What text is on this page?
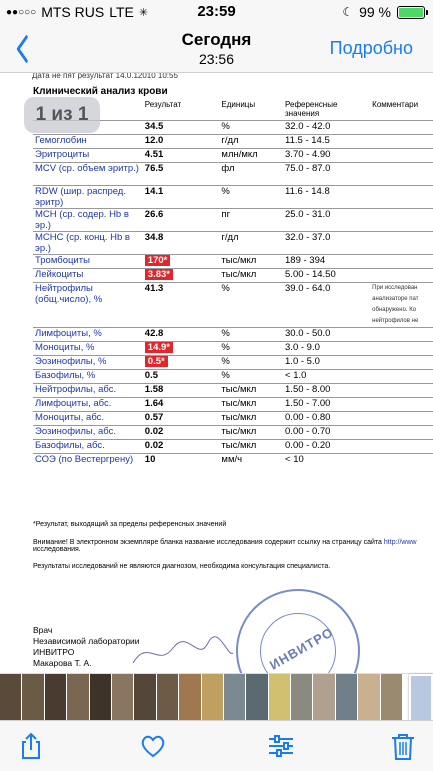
●●○○○ MTS RUS LTE ✳	23:59	☾ 99 %
Сегодня
23:56
Подробно
Дата не пят результат 14.0.12010 10:55
1 из 1
Клинический анализ крови
	Результат	Единицы	Референсные значения	Комментари
	34.5	%	32.0 - 42.0	
Гемоглобин	12.0	г/дл	11.5 - 14.5	
Эритроциты	4.51	млн/мкл	3.70 - 4.90	
MCV (ср. объем эритр.)	76.5	фл	75.0 - 87.0	
RDW (шир. распред. эритр)	14.1	%	11.6 - 14.8	
MCH (ср. содер. Hb в эр.)	26.6	пг	25.0 - 31.0	
MCHC (ср. конц. Hb в эр.)	34.8	г/дл	32.0 - 37.0	
Тромбоциты	170*	тыс/мкл	189 - 394	
Лейкоциты	3.83*	тыс/мкл	5.00 - 14.50	
Нейтрофилы (общ.число), %	41.3	%	39.0 - 64.0	При исследован анализаторе пат обнаружено. Ко нейтрофилов не
Лимфоциты, %	42.8	%	30.0 - 50.0	
Моноциты, %	14.9*	%	3.0 - 9.0	
Эозинофилы, %	0.5*	%	1.0 - 5.0	
Базофилы, %	0.5	%	< 1.0	
Нейтрофилы, абс.	1.58	тыс/мкл	1.50 - 8.00	
Лимфоциты, абс.	1.64	тыс/мкл	1.50 - 7.00	
Моноциты, абс.	0.57	тыс/мкл	0.00 - 0.80	
Эозинофилы, абс.	0.02	тыс/мкл	0.00 - 0.70	
Базофилы, абс.	0.02	тыс/мкл	0.00 - 0.20	
СОЭ (по Вестергрену)	10	мм/ч	< 10	
*Результат, выходящий за пределы референсных значений
Внимание! В электронном экземпляре бланка название исследования содержит ссылку на страницу сайта http://www
исследования.
Результаты исследований не являются диагнозом, необходима консультация специалиста.
Врач
Независимой лаборатории
ИНВИТРО
Макарова Т. А.	ИНВИТРО
